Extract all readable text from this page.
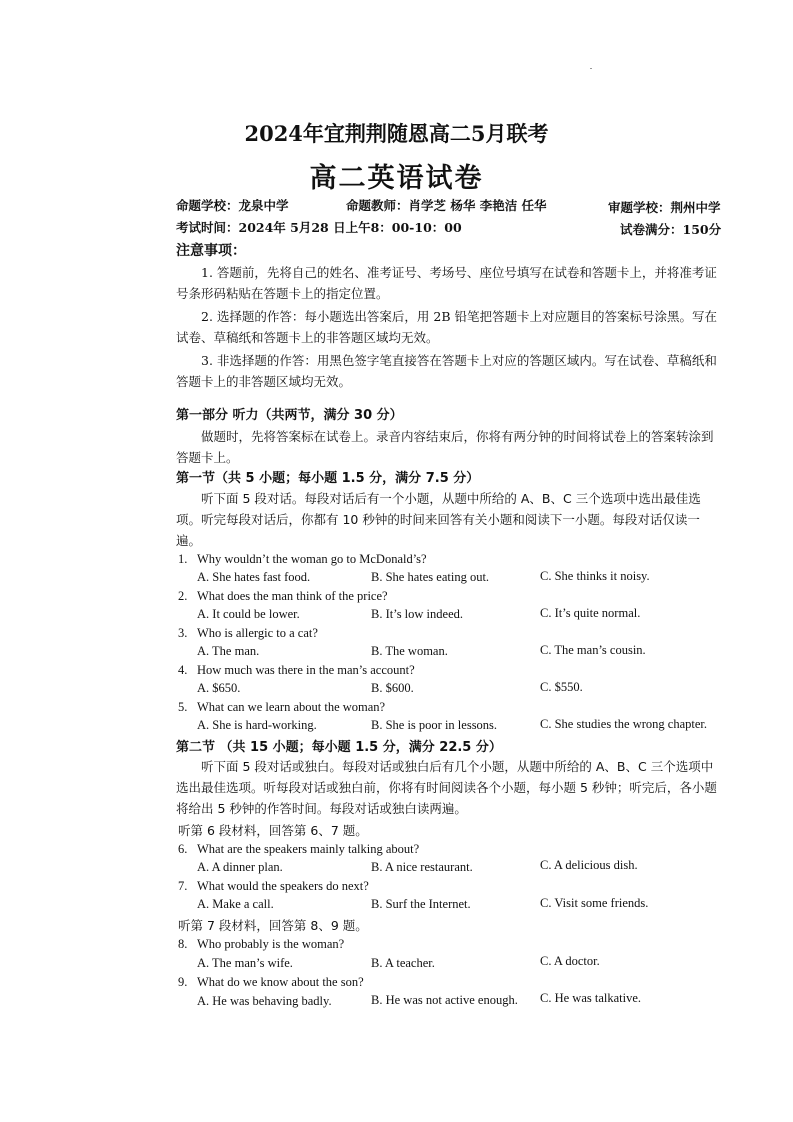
2024年宜荆荆随恩高二5月联考
高二英语试卷
命题学校：龙泉中学	命题教师：肖学芝 杨华 李艳洁 任华	审题学校：荆州中学
考试时间：2024年 5月28 日上午8：00-10：00	试卷满分：150分
注意事项：
1. 答题前，先将自己的姓名、准考证号、考场号、座位号填写在试卷和答题卡上，并将准考证号条形码粘贴在答题卡上的指定位置。
2. 选择题的作答：每小题选出答案后，用 2B 铅笔把答题卡上对应题目的答案标号涂黑。写在试卷、草稿纸和答题卡上的非答题区域均无效。
3. 非选择题的作答：用黑色签字笔直接答在答题卡上对应的答题区域内。写在试卷、草稿纸和答题卡上的非答题区域均无效。
第一部分 听力（共两节，满分 30 分）
做题时，先将答案标在试卷上。录音内容结束后，你将有两分钟的时间将试卷上的答案转涂到答题卡上。
第一节（共 5 小题；每小题 1.5 分，满分 7.5 分）
听下面 5 段对话。每段对话后有一个小题，从题中所给的 A、B、C 三个选项中选出最佳选项。听完每段对话后，你都有 10 秒钟的时间来回答有关小题和阅读下一小题。每段对话仅读一遍。
1. Why wouldn’t the woman go to McDonald’s?
A. She hates fast food.	B. She hates eating out.	C. She thinks it noisy.
2. What does the man think of the price?
A. It could be lower.	B. It’s low indeed.	C. It’s quite normal.
3. Who is allergic to a cat?
A. The man.	B. The woman.	C. The man’s cousin.
4. How much was there in the man’s account?
A. $650.	B. $600.	C. $550.
5. What can we learn about the woman?
A. She is hard-working.	B. She is poor in lessons.	C. She studies the wrong chapter.
第二节 （共 15 小题；每小题 1.5 分，满分 22.5 分）
听下面 5 段对话或独白。每段对话或独白后有几个小题，从题中所给的 A、B、C 三个选项中选出最佳选项。听每段对话或独白前，你将有时间阅读各个小题，每小题 5 秒钟；听完后，各小题将给出 5 秒钟的作答时间。每段对话或独白读两遍。
听第 6 段材料，回答第 6、7 题。
6. What are the speakers mainly talking about?
A. A dinner plan.	B. A nice restaurant.	C. A delicious dish.
7. What would the speakers do next?
A. Make a call.	B. Surf the Internet.	C. Visit some friends.
听第 7 段材料，回答第 8、9 题。
8. Who probably is the woman?
A. The man’s wife.	B. A teacher.	C. A doctor.
9. What do we know about the son?
A. He was behaving badly.	B. He was not active enough. C. He was talkative.
